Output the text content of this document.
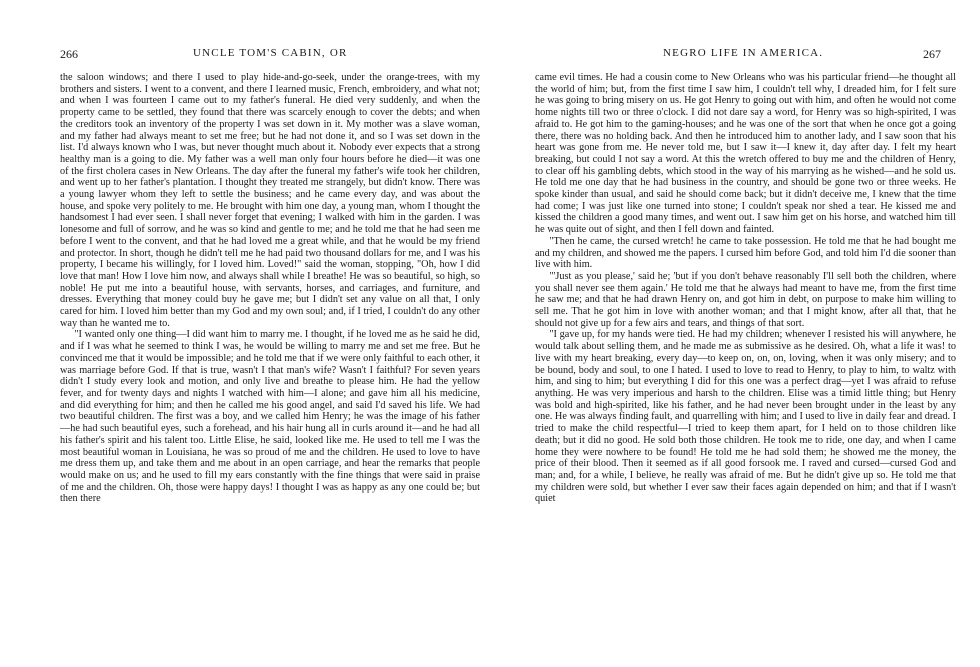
266	UNCLE TOM'S CABIN, OR

the saloon windows; and there I used to play hide-and-go-seek, under the orange-trees, with my brothers and sisters. I went to a convent, and there I learned music, French, embroidery, and what not; and when I was fourteen I came out to my father's funeral. He died very suddenly, and when the property came to be settled, they found that there was scarcely enough to cover the debts; and when the creditors took an inventory of the property I was set down in it. My mother was a slave woman, and my father had always meant to set me free; but he had not done it, and so I was set down in the list. I'd always known who I was, but never thought much about it. Nobody ever expects that a strong healthy man is a going to die. My father was a well man only four hours before he died—it was one of the first cholera cases in New Orleans. The day after the funeral my father's wife took her children, and went up to her father's plantation. I thought they treated me strangely, but didn't know. There was a young lawyer whom they left to settle the business; and he came every day, and was about the house, and spoke very politely to me. He brought with him one day, a young man, whom I thought the handsomest I had ever seen. I shall never forget that evening; I walked with him in the garden. I was lonesome and full of sorrow, and he was so kind and gentle to me; and he told me that he had seen me before I went to the convent, and that he had loved me a great while, and that he would be my friend and protector. In short, though he didn't tell me he had paid two thousand dollars for me, and I was his property, I became his willingly, for I loved him. Loved!" said the woman, stopping, "Oh, how I did love that man! How I love him now, and always shall while I breathe! He was so beautiful, so high, so noble! He put me into a beautiful house, with servants, horses, and carriages, and furniture, and dresses. Everything that money could buy he gave me; but I didn't set any value on all that, I only cared for him. I loved him better than my God and my own soul; and, if I tried, I couldn't do any other way than he wanted me to.

"I wanted only one thing—I did want him to marry me. I thought, if he loved me as he said he did, and if I was what he seemed to think I was, he would be willing to marry me and set me free. But he convinced me that it would be impossible; and he told me that if we were only faithful to each other, it was marriage before God. If that is true, wasn't I that man's wife? Wasn't I faithful? For seven years didn't I study every look and motion, and only live and breathe to please him. He had the yellow fever, and for twenty days and nights I watched with him—I alone; and gave him all his medicine, and did everything for him; and then he called me his good angel, and said I'd saved his life. We had two beautiful children. The first was a boy, and we called him Henry; he was the image of his father—he had such beautiful eyes, such a forehead, and his hair hung all in curls around it—and he had all his father's spirit and his talent too. Little Elise, he said, looked like me. He used to tell me I was the most beautiful woman in Louisiana, he was so proud of me and the children. He used to love to have me dress them up, and take them and me about in an open carriage, and hear the remarks that people would make on us; and he used to fill my ears constantly with the fine things that were said in praise of me and the children. Oh, those were happy days! I thought I was as happy as any one could be; but then there

NEGRO LIFE IN AMERICA.	267

came evil times. He had a cousin come to New Orleans who was his particular friend—he thought all the world of him; but, from the first time I saw him, I couldn't tell why, I dreaded him, for I felt sure he was going to bring misery on us. He got Henry to going out with him, and often he would not come home nights till two or three o'clock. I did not dare say a word, for Henry was so high-spirited, I was afraid to. He got him to the gaming-houses; and he was one of the sort that when he once got a going there, there was no holding back. And then he introduced him to another lady, and I saw soon that his heart was gone from me. He never told me, but I saw it—I knew it, day after day. I felt my heart breaking, but could I not say a word. At this the wretch offered to buy me and the children of Henry, to clear off his gambling debts, which stood in the way of his marrying as he wished—and he sold us. He told me one day that he had business in the country, and should be gone two or three weeks. He spoke kinder than usual, and said he should come back; but it didn't deceive me, I knew that the time had come; I was just like one turned into stone; I couldn't speak nor shed a tear. He kissed me and kissed the children a good many times, and went out. I saw him get on his horse, and watched him till he was quite out of sight, and then I fell down and fainted.

"Then he came, the cursed wretch! he came to take possession. He told me that he had bought me and my children, and showed me the papers. I cursed him before God, and told him I'd die sooner than live with him.

"'Just as you please,' said he; 'but if you don't behave reasonably I'll sell both the children, where you shall never see them again.' He told me that he always had meant to have me, from the first time he saw me; and that he had drawn Henry on, and got him in debt, on purpose to make him willing to sell me. That he got him in love with another woman; and that I might know, after all that, that he should not give up for a few airs and tears, and things of that sort.

"I gave up, for my hands were tied. He had my children; whenever I resisted his will anywhere, he would talk about selling them, and he made me as submissive as he desired. Oh, what a life it was! to live with my heart breaking, every day—to keep on, on, on, loving, when it was only misery; and to be bound, body and soul, to one I hated. I used to love to read to Henry, to play to him, to waltz with him, and sing to him; but everything I did for this one was a perfect drag—yet I was afraid to refuse anything. He was very imperious and harsh to the children. Elise was a timid little thing; but Henry was bold and high-spirited, like his father, and he had never been brought under in the least by any one. He was always finding fault, and quarrelling with him; and I used to live in daily fear and dread. I tried to make the child respectful—I tried to keep them apart, for I held on to those children like death; but it did no good. He sold both those children. He took me to ride, one day, and when I came home they were nowhere to be found! He told me he had sold them; he showed me the money, the price of their blood. Then it seemed as if all good forsook me. I raved and cursed—cursed God and man; and, for a while, I believe, he really was afraid of me. But he didn't give up so. He told me that my children were sold, but whether I ever saw their faces again depended on him; and that if I wasn't quiet
